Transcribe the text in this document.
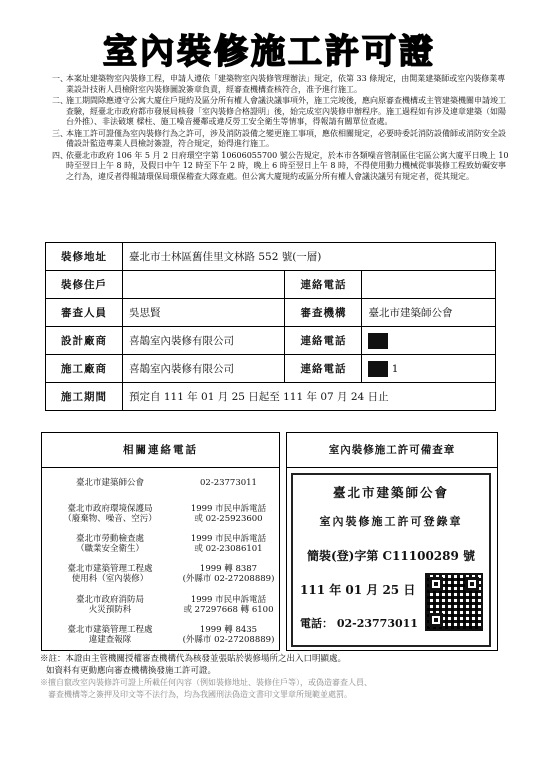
室內裝修施工許可證
一、
本案址建築物室內裝修工程，申請人遵依「建築物室內裝修管理辦法」規定，依第 33 條規定，由開業建築師或室內裝修業專業設計技術人員檢附室內裝修圖說簽章負責，經審查機構查核符合，准予進行施工。
二、
施工期間除應遵守公寓大廈住戶規約及區分所有權人會議決議事項外，施工完竣後，應向原審查機構或主管建築機關申請竣工查驗，經臺北市政府都市發展局核發「室內裝修合格證明」後，始完成室內裝修申辦程序。施工過程如有涉及違章建築（如陽台外推）、非法破壞 樑柱、施工噪音擾鄰或違反勞工安全衛生等情事，得報請有關單位查處。
三、
本施工許可證僅為室內裝修行為之許可，涉及消防設備之變更施工事項，應依相關規定，必要時委託消防設備師或消防安全設備設計監造專業人員檢討簽證，符合規定，始得進行施工。
四、
依臺北市政府 106 年 5 月 2 日府環空字第 10606055700 號公告規定，於本市各類噪音管制區住宅區公寓大廈平日晚上 10 時至翌日上午 8 時，及假日中午 12 時至下午 2 時，晚上 6 時至翌日上午 8 時，不得使用動力機械從事裝修工程致妨礙安寧之行為，違反者得報請環保局環保稽查大隊查處。但公寓大廈規約或區分所有權人會議決議另有規定者，從其規定。
裝修地址	臺北市士林區舊佳里文林路 552 號(一層)		
裝修住戶		連絡電話	
審查人員	吳思賢	審查機構	臺北市建築師公會
設計廠商	喜鵲室內裝修有限公司	連絡電話	
施工廠商	喜鵲室內裝修有限公司	連絡電話	1
施工期間	預定自 111 年 01 月 25 日起至 111 年 07 月 24 日止		
相關連絡電話
臺北市建築師公會	02-23773011
臺北市政府環境保護局
（廢棄物、噪音、空污）
1999 市民申訴電話
或 02-25923600
臺北市勞動檢查處
（職業安全衛生）
1999 市民申訴電話
或 02-23086101
臺北市建築管理工程處
使用科（室內裝修）
1999 轉 8387
(外縣市 02-27208889)
臺北市政府消防局
火災預防科
1999 市民申訴電話
或 27297668 轉 6100
臺北市建築管理工程處
違建查報隊
1999 轉 8435
(外縣市 02-27208889)
室內裝修施工許可備查章
臺北市建築師公會
室內裝修施工許可登錄章
簡裝(登)字第 C11100289 號
111 年 01 月 25 日
電話： 02-23773011
※註：本證由主管機關授權審查機構代為核發並張貼於裝修場所之出入口明顯處。
如資料有更動應向審查機構換發施工許可證。
※擅自竄改室內裝修許可證上所載任何內容（例如裝修地址、裝修住戶等），或偽造審查人員、
審查機構等之簽押及印文等不法行為，均為我國刑法偽造文書印文罪章所規範並處罰。
